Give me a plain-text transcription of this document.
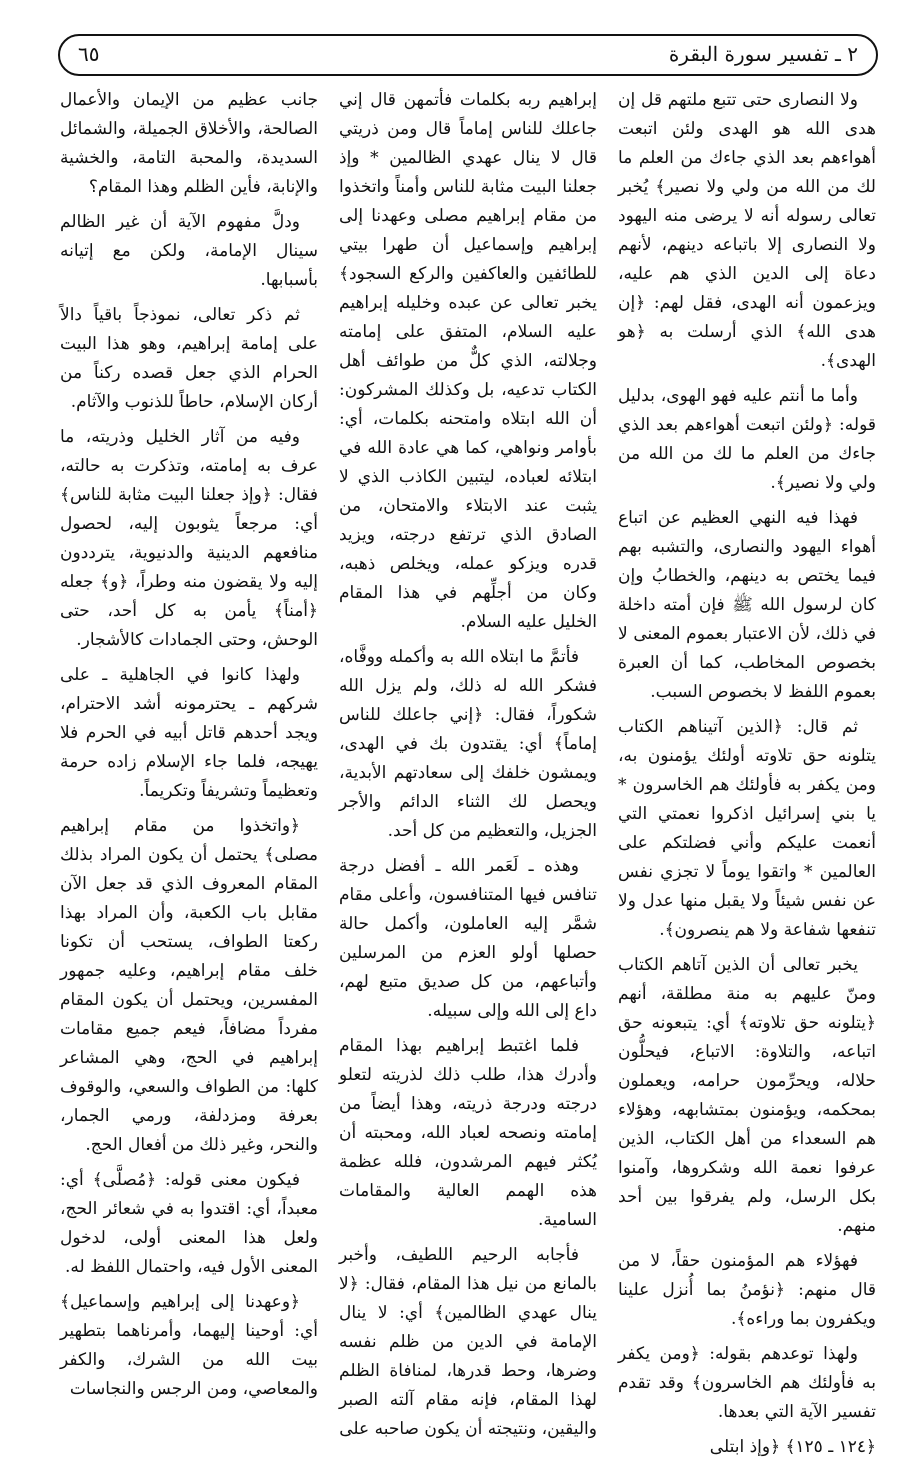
٦٥	٢ ـ تفسير سورة البقرة

ولا النصارى حتى تتبع ملتهم قل إن هدى الله هو الهدى ولئن اتبعت أهواءهم بعد الذي جاءك من العلم ما لك من الله من ولي ولا نصير﴾ يُخبر تعالى رسوله أنه لا يرضى منه اليهود ولا النصارى إلا باتباعه دينهم، لأنهم دعاة إلى الدين الذي هم عليه، ويزعمون أنه الهدى، فقل لهم: ﴿إن هدى الله﴾ الذي أرسلت به ﴿هو الهدى﴾.

وأما ما أنتم عليه فهو الهوى، بدليل قوله: ﴿ولئن اتبعت أهواءهم بعد الذي جاءك من العلم ما لك من الله من ولي ولا نصير﴾.

فهذا فيه النهي العظيم عن اتباع أهواء اليهود والنصارى، والتشبه بهم فيما يختص به دينهم، والخطابُ وإن كان لرسول الله ﷺ فإن أمته داخلة في ذلك، لأن الاعتبار بعموم المعنى لا بخصوص المخاطب، كما أن العبرة بعموم اللفظ لا بخصوص السبب.

ثم قال: ﴿الذين آتيناهم الكتاب يتلونه حق تلاوته أولئك يؤمنون به، ومن يكفر به فأولئك هم الخاسرون * يا بني إسرائيل اذكروا نعمتي التي أنعمت عليكم وأني فضلتكم على العالمين * واتقوا يوماً لا تجزي نفس عن نفس شيئاً ولا يقبل منها عدل ولا تنفعها شفاعة ولا هم ينصرون﴾.

يخبر تعالى أن الذين آتاهم الكتاب ومنّ عليهم به منة مطلقة، أنهم ﴿يتلونه حق تلاوته﴾ أي: يتبعونه حق اتباعه، والتلاوة: الاتباع، فيحلُّون حلاله، ويحرِّمون حرامه، ويعملون بمحكمه، ويؤمنون بمتشابهه، وهؤلاء هم السعداء من أهل الكتاب، الذين عرفوا نعمة الله وشكروها، وآمنوا بكل الرسل، ولم يفرقوا بين أحد منهم.

فهؤلاء هم المؤمنون حقاً، لا من قال منهم: ﴿نؤمنُ بما أُنزل علينا ويكفرون بما وراءه﴾.

ولهذا توعدهم بقوله: ﴿ومن يكفر به فأولئك هم الخاسرون﴾ وقد تقدم تفسير الآية التي بعدها.

﴿١٢٤ ـ ١٢٥﴾ ﴿وإذ ابتلى

إبراهيم ربه بكلمات فأتمهن قال إني جاعلك للناس إماماً قال ومن ذريتي قال لا ينال عهدي الظالمين * وإذ جعلنا البيت مثابة للناس وأمناً واتخذوا من مقام إبراهيم مصلى وعهدنا إلى إبراهيم وإسماعيل أن طهرا بيتي للطائفين والعاكفين والركع السجود﴾ يخبر تعالى عن عبده وخليله إبراهيم عليه السلام، المتفق على إمامته وجلالته، الذي كلٌّ من طوائف أهل الكتاب تدعيه، بل وكذلك المشركون: أن الله ابتلاه وامتحنه بكلمات، أي: بأوامر ونواهي، كما هي عادة الله في ابتلائه لعباده، ليتبين الكاذب الذي لا يثبت عند الابتلاء والامتحان، من الصادق الذي ترتفع درجته، ويزيد قدره ويزكو عمله، ويخلص ذهبه، وكان من أجلِّهم في هذا المقام الخليل عليه السلام.

فأتمَّ ما ابتلاه الله به وأكمله ووفَّاه، فشكر الله له ذلك، ولم يزل الله شكوراً، فقال: ﴿إني جاعلك للناس إماماً﴾ أي: يقتدون بك في الهدى، ويمشون خلفك إلى سعادتهم الأبدية، ويحصل لك الثناء الدائم والأجر الجزيل، والتعظيم من كل أحد.

وهذه ـ لَعَمر الله ـ أفضل درجة تنافس فيها المتنافسون، وأعلى مقام شمَّر إليه العاملون، وأكمل حالة حصلها أولو العزم من المرسلين وأتباعهم، من كل صديق متبع لهم، داع إلى الله وإلى سبيله.

فلما اغتبط إبراهيم بهذا المقام وأدرك هذا، طلب ذلك لذريته لتعلو درجته ودرجة ذريته، وهذا أيضاً من إمامته ونصحه لعباد الله، ومحبته أن يُكثر فيهم المرشدون، فلله عظمة هذه الهمم العالية والمقامات السامية.

فأجابه الرحيم اللطيف، وأخبر بالمانع من نيل هذا المقام، فقال: ﴿لا ينال عهدي الظالمين﴾ أي: لا ينال الإمامة في الدين من ظلم نفسه وضرها، وحط قدرها، لمنافاة الظلم لهذا المقام، فإنه مقام آلته الصبر واليقين، ونتيجته أن يكون صاحبه على

جانب عظيم من الإيمان والأعمال الصالحة، والأخلاق الجميلة، والشمائل السديدة، والمحبة التامة، والخشية والإنابة، فأين الظلم وهذا المقام؟

ودلَّ مفهوم الآية أن غير الظالم سينال الإمامة، ولكن مع إتيانه بأسبابها.

ثم ذكر تعالى، نموذجاً باقياً دالاً على إمامة إبراهيم، وهو هذا البيت الحرام الذي جعل قصده ركناً من أركان الإسلام، حاطاً للذنوب والآثام.

وفيه من آثار الخليل وذريته، ما عرف به إمامته، وتذكرت به حالته، فقال: ﴿وإذ جعلنا البيت مثابة للناس﴾ أي: مرجعاً يثوبون إليه، لحصول منافعهم الدينية والدنيوية، يترددون إليه ولا يقضون منه وطراً، ﴿و﴾ جعله ﴿أمناً﴾ يأمن به كل أحد، حتى الوحش، وحتى الجمادات كالأشجار.

ولهذا كانوا في الجاهلية ـ على شركهم ـ يحترمونه أشد الاحترام، ويجد أحدهم قاتل أبيه في الحرم فلا يهيجه، فلما جاء الإسلام زاده حرمة وتعظيماً وتشريفاً وتكريماً.

﴿واتخذوا من مقام إبراهيم مصلى﴾ يحتمل أن يكون المراد بذلك المقام المعروف الذي قد جعل الآن مقابل باب الكعبة، وأن المراد بهذا ركعتا الطواف، يستحب أن تكونا خلف مقام إبراهيم، وعليه جمهور المفسرين، ويحتمل أن يكون المقام مفرداً مضافاً، فيعم جميع مقامات إبراهيم في الحج، وهي المشاعر كلها: من الطواف والسعي، والوقوف بعرفة ومزدلفة، ورمي الجمار، والنحر، وغير ذلك من أفعال الحج.

فيكون معنى قوله: ﴿مُصلَّى﴾ أي: معبداً، أي: اقتدوا به في شعائر الحج، ولعل هذا المعنى أولى، لدخول المعنى الأول فيه، واحتمال اللفظ له.

﴿وعهدنا إلى إبراهيم وإسماعيل﴾ أي: أوحينا إليهما، وأمرناهما بتطهير بيت الله من الشرك، والكفر والمعاصي، ومن الرجس والنجاسات
